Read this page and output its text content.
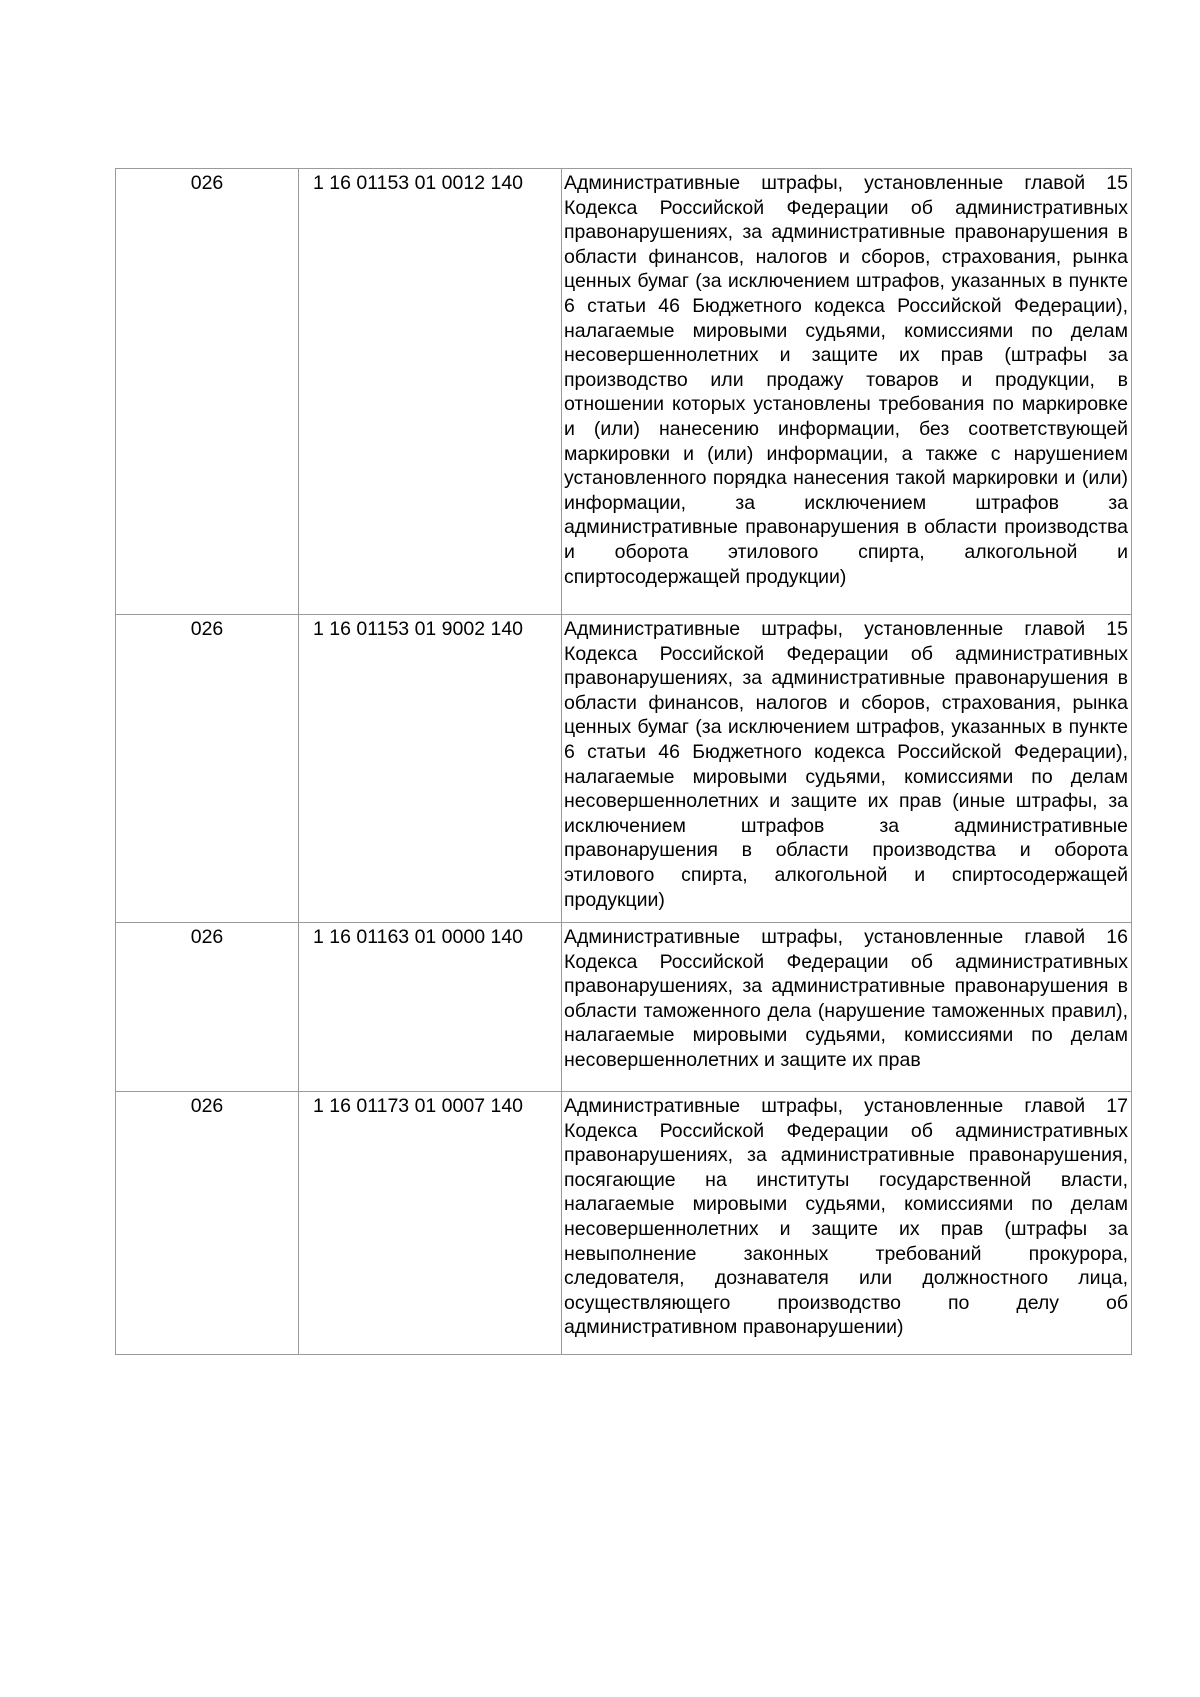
026	1 16 01153 01 0012 140	Административные штрафы, установленные главой 15 Кодекса Российской Федерации об административных правонарушениях, за административные правонарушения в области финансов, налогов и сборов, страхования, рынка ценных бумаг (за исключением штрафов, указанных в пункте 6 статьи 46 Бюджетного кодекса Российской Федерации), налагаемые мировыми судьями, комиссиями по делам несовершеннолетних и защите их прав (штрафы за производство или продажу товаров и продукции, в отношении которых установлены требования по маркировке и (или) нанесению информации, без соответствующей маркировки и (или) информации, а также с нарушением установленного порядка нанесения такой маркировки и (или) информации, за исключением штрафов за административные правонарушения в области производства и оборота этилового спирта, алкогольной и спиртосодержащей продукции)

026	1 16 01153 01 9002 140	Административные штрафы, установленные главой 15 Кодекса Российской Федерации об административных правонарушениях, за административные правонарушения в области финансов, налогов и сборов, страхования, рынка ценных бумаг (за исключением штрафов, указанных в пункте 6 статьи 46 Бюджетного кодекса Российской Федерации), налагаемые мировыми судьями, комиссиями по делам несовершеннолетних и защите их прав (иные штрафы, за исключением штрафов за административные правонарушения в области производства и оборота этилового спирта, алкогольной и спиртосодержащей продукции)

026	1 16 01163 01 0000 140	Административные штрафы, установленные главой 16 Кодекса Российской Федерации об административных правонарушениях, за административные правонарушения в области таможенного дела (нарушение таможенных правил), налагаемые мировыми судьями, комиссиями по делам несовершеннолетних и защите их прав

026	1 16 01173 01 0007 140	Административные штрафы, установленные главой 17 Кодекса Российской Федерации об административных правонарушениях, за административные правонарушения, посягающие на институты государственной власти, налагаемые мировыми судьями, комиссиями по делам несовершеннолетних и защите их прав (штрафы за невыполнение законных требований прокурора, следователя, дознавателя или должностного лица, осуществляющего производство по делу об административном правонарушении)
